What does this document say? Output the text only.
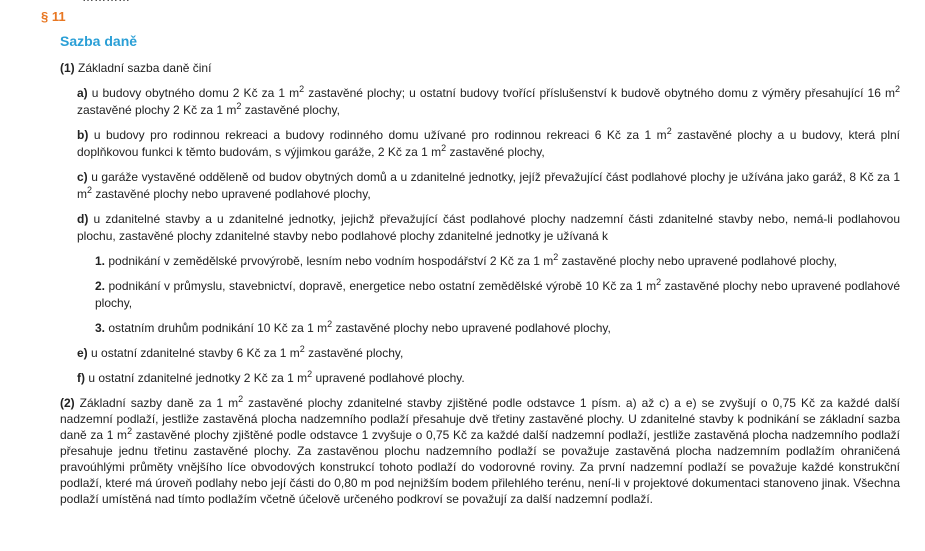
§ 11
Sazba daně

(1) Základní sazba daně činí

a) u budovy obytného domu 2 Kč za 1 $m^2$ zastavěné plochy; u ostatní budovy tvořící příslušenství k budově obytného domu z výměry přesahující 16 $m^2$ zastavěné plochy 2 Kč za 1 $m^2$ zastavěné plochy,

b) u budovy pro rodinnou rekreaci a budovy rodinného domu užívané pro rodinnou rekreaci 6 Kč za 1 $m^2$ zastavěné plochy a u budovy, která plní doplňkovou funkci k těmto budovám, s výjimkou garáže, 2 Kč za 1 $m^2$ zastavěné plochy,

c) u garáže vystavěné odděleně od budov obytných domů a u zdanitelné jednotky, jejíž převažující část podlahové plochy je užívána jako garáž, 8 Kč za 1 $m^2$ zastavěné plochy nebo upravené podlahové plochy,

d) u zdanitelné stavby a u zdanitelné jednotky, jejichž převažující část podlahové plochy nadzemní části zdanitelné stavby nebo, nemá-li podlahovou plochu, zastavěné plochy zdanitelné stavby nebo podlahové plochy zdanitelné jednotky je užívaná k

1. podnikání v zemědělské prvovýrobě, lesním nebo vodním hospodářství 2 Kč za 1 $m^2$ zastavěné plochy nebo upravené podlahové plochy,

2. podnikání v průmyslu, stavebnictví, dopravě, energetice nebo ostatní zemědělské výrobě 10 Kč za 1 $m^2$ zastavěné plochy nebo upravené podlahové plochy,

3. ostatním druhům podnikání 10 Kč za 1 $m^2$ zastavěné plochy nebo upravené podlahové plochy,

e) u ostatní zdanitelné stavby 6 Kč za 1 $m^2$ zastavěné plochy,

f) u ostatní zdanitelné jednotky 2 Kč za 1 $m^2$ upravené podlahové plochy.

(2) Základní sazby daně za 1 $m^2$ zastavěné plochy zdanitelné stavby zjištěné podle odstavce 1 písm. a) až c) a e) se zvyšují o 0,75 Kč za každé další nadzemní podlaží, jestliže zastavěná plocha nadzemního podlaží přesahuje dvě třetiny zastavěné plochy. U zdanitelné stavby k podnikání se základní sazba daně za 1 $m^2$ zastavěné plochy zjištěné podle odstavce 1 zvyšuje o 0,75 Kč za každé další nadzemní podlaží, jestliže zastavěná plocha nadzemního podlaží přesahuje jednu třetinu zastavěné plochy. Za zastavěnou plochu nadzemního podlaží se považuje zastavěná plocha nadzemním podlažím ohraničená pravoúhlými průměty vnějšího líce obvodových konstrukcí tohoto podlaží do vodorovné roviny. Za první nadzemní podlaží se považuje každé konstrukční podlaží, které má úroveň podlahy nebo její části do 0,80 m pod nejnižším bodem přilehlého terénu, není-li v projektové dokumentaci stanoveno jinak. Všechna podlaží umístěná nad tímto podlažím včetně účelově určeného podkroví se považují za další nadzemní podlaží.
